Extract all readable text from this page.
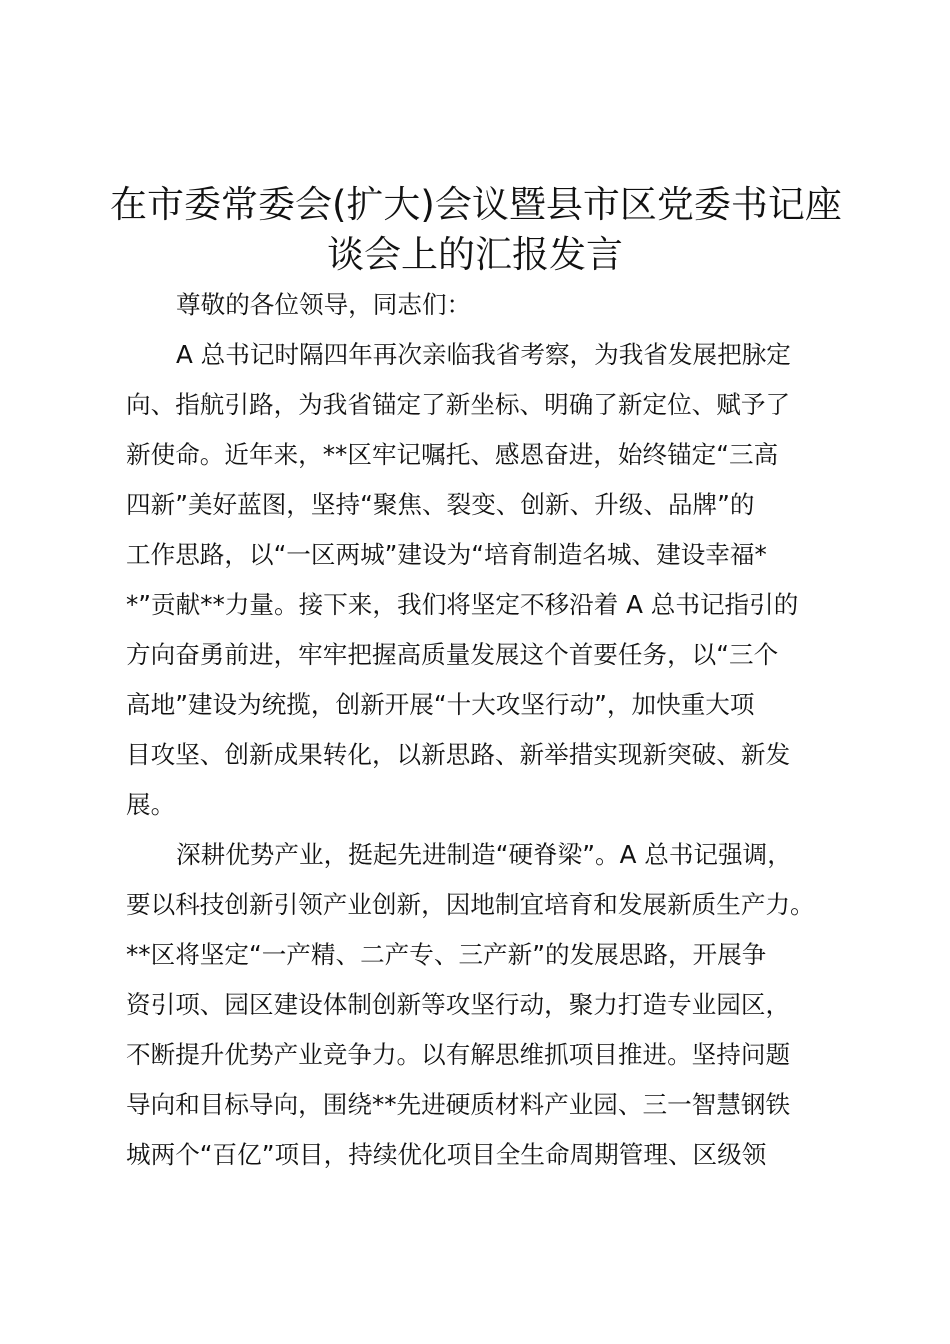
在市委常委会(扩大)会议暨县市区党委书记座
谈会上的汇报发言

尊敬的各位领导，同志们：

A 总书记时隔四年再次亲临我省考察，为我省发展把脉定
向、指航引路，为我省锚定了新坐标、明确了新定位、赋予了
新使命。近年来，**区牢记嘱托、感恩奋进，始终锚定“三高
四新”美好蓝图，坚持“聚焦、裂变、创新、升级、品牌”的
工作思路，以“一区两城”建设为“培育制造名城、建设幸福*
*”贡献**力量。接下来，我们将坚定不移沿着 A 总书记指引的
方向奋勇前进，牢牢把握高质量发展这个首要任务，以“三个
高地”建设为统揽，创新开展“十大攻坚行动”，加快重大项
目攻坚、创新成果转化，以新思路、新举措实现新突破、新发
展。
深耕优势产业，挺起先进制造“硬脊梁”。A 总书记强调，
要以科技创新引领产业创新，因地制宜培育和发展新质生产力。
**区将坚定“一产精、二产专、三产新”的发展思路，开展争
资引项、园区建设体制创新等攻坚行动，聚力打造专业园区，
不断提升优势产业竞争力。以有解思维抓项目推进。坚持问题
导向和目标导向，围绕**先进硬质材料产业园、三一智慧钢铁
城两个“百亿”项目，持续优化项目全生命周期管理、区级领
